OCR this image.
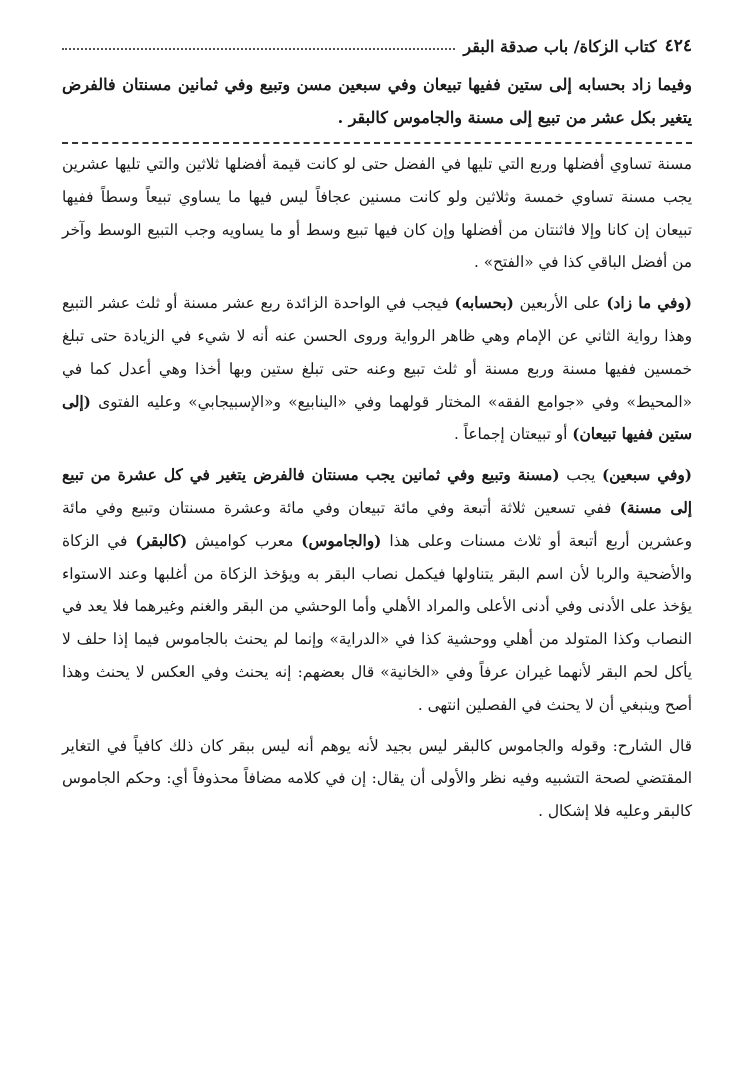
٤٢٤
كتاب الزكاة/ باب صدقة البقر

وفيما زاد بحسابه إلى ستين ففيها تبيعان وفي سبعين مسن وتبيع وفي ثمانين مسنتان فالفرض يتغير بكل عشر من تبيع إلى مسنة والجاموس كالبقر .

مسنة تساوي أفضلها وربع التي تليها في الفضل حتى لو كانت قيمة أفضلها ثلاثين والتي تليها عشرين يجب مسنة تساوي خمسة وثلاثين ولو كانت مسنين عجافاً ليس فيها ما يساوي تبيعاً وسطاً ففيها تبيعان إن كانا وإلا فاثنتان من أفضلها وإن كان فيها تبيع وسط أو ما يساويه وجب التبيع الوسط وآخر من أفضل الباقي كذا في «الفتح» .

(وفي ما زاد) على الأربعين (بحسابه) فيجب في الواحدة الزائدة ربع عشر مسنة أو ثلث عشر التبيع وهذا رواية الثاني عن الإمام وهي ظاهر الرواية وروى الحسن عنه أنه لا شيء في الزيادة حتى تبلغ خمسين ففيها مسنة وربع مسنة أو ثلث تبيع وعنه حتى تبلغ ستين وبها أخذا وهي أعدل كما في «المحيط» وفي «جوامع الفقه» المختار قولهما وفي «الينابيع» و«الإسبيجابي» وعليه الفتوى (إلى ستين ففيها تبيعان) أو تبيعتان إجماعاً .

(وفي سبعين) يجب (مسنة وتبيع وفي ثمانين يجب مسنتان فالفرض يتغير في كل عشرة من تبيع إلى مسنة) ففي تسعين ثلاثة أتبعة وفي مائة تبيعان وفي مائة وعشرة مسنتان وتبيع وفي مائة وعشرين أربع أتبعة أو ثلاث مسنات وعلى هذا (والجاموس) معرب كواميش (كالبقر) في الزكاة والأضحية والربا لأن اسم البقر يتناولها فيكمل نصاب البقر به ويؤخذ الزكاة من أغلبها وعند الاستواء يؤخذ على الأدنى وفي أدنى الأعلى والمراد الأهلي وأما الوحشي من البقر والغنم وغيرهما فلا يعد في النصاب وكذا المتولد من أهلي ووحشية كذا في «الدراية» وإنما لم يحنث بالجاموس فيما إذا حلف لا يأكل لحم البقر لأنهما غيران عرفاً وفي «الخانية» قال بعضهم: إنه يحنث وفي العكس لا يحنث وهذا أصح وينبغي أن لا يحنث في الفصلين انتهى .

قال الشارح: وقوله والجاموس كالبقر ليس بجيد لأنه يوهم أنه ليس ببقر كان ذلك كافياً في التغاير المقتضي لصحة التشبيه وفيه نظر والأولى أن يقال: إن في كلامه مضافاً محذوفاً أي: وحكم الجاموس كالبقر وعليه فلا إشكال .
